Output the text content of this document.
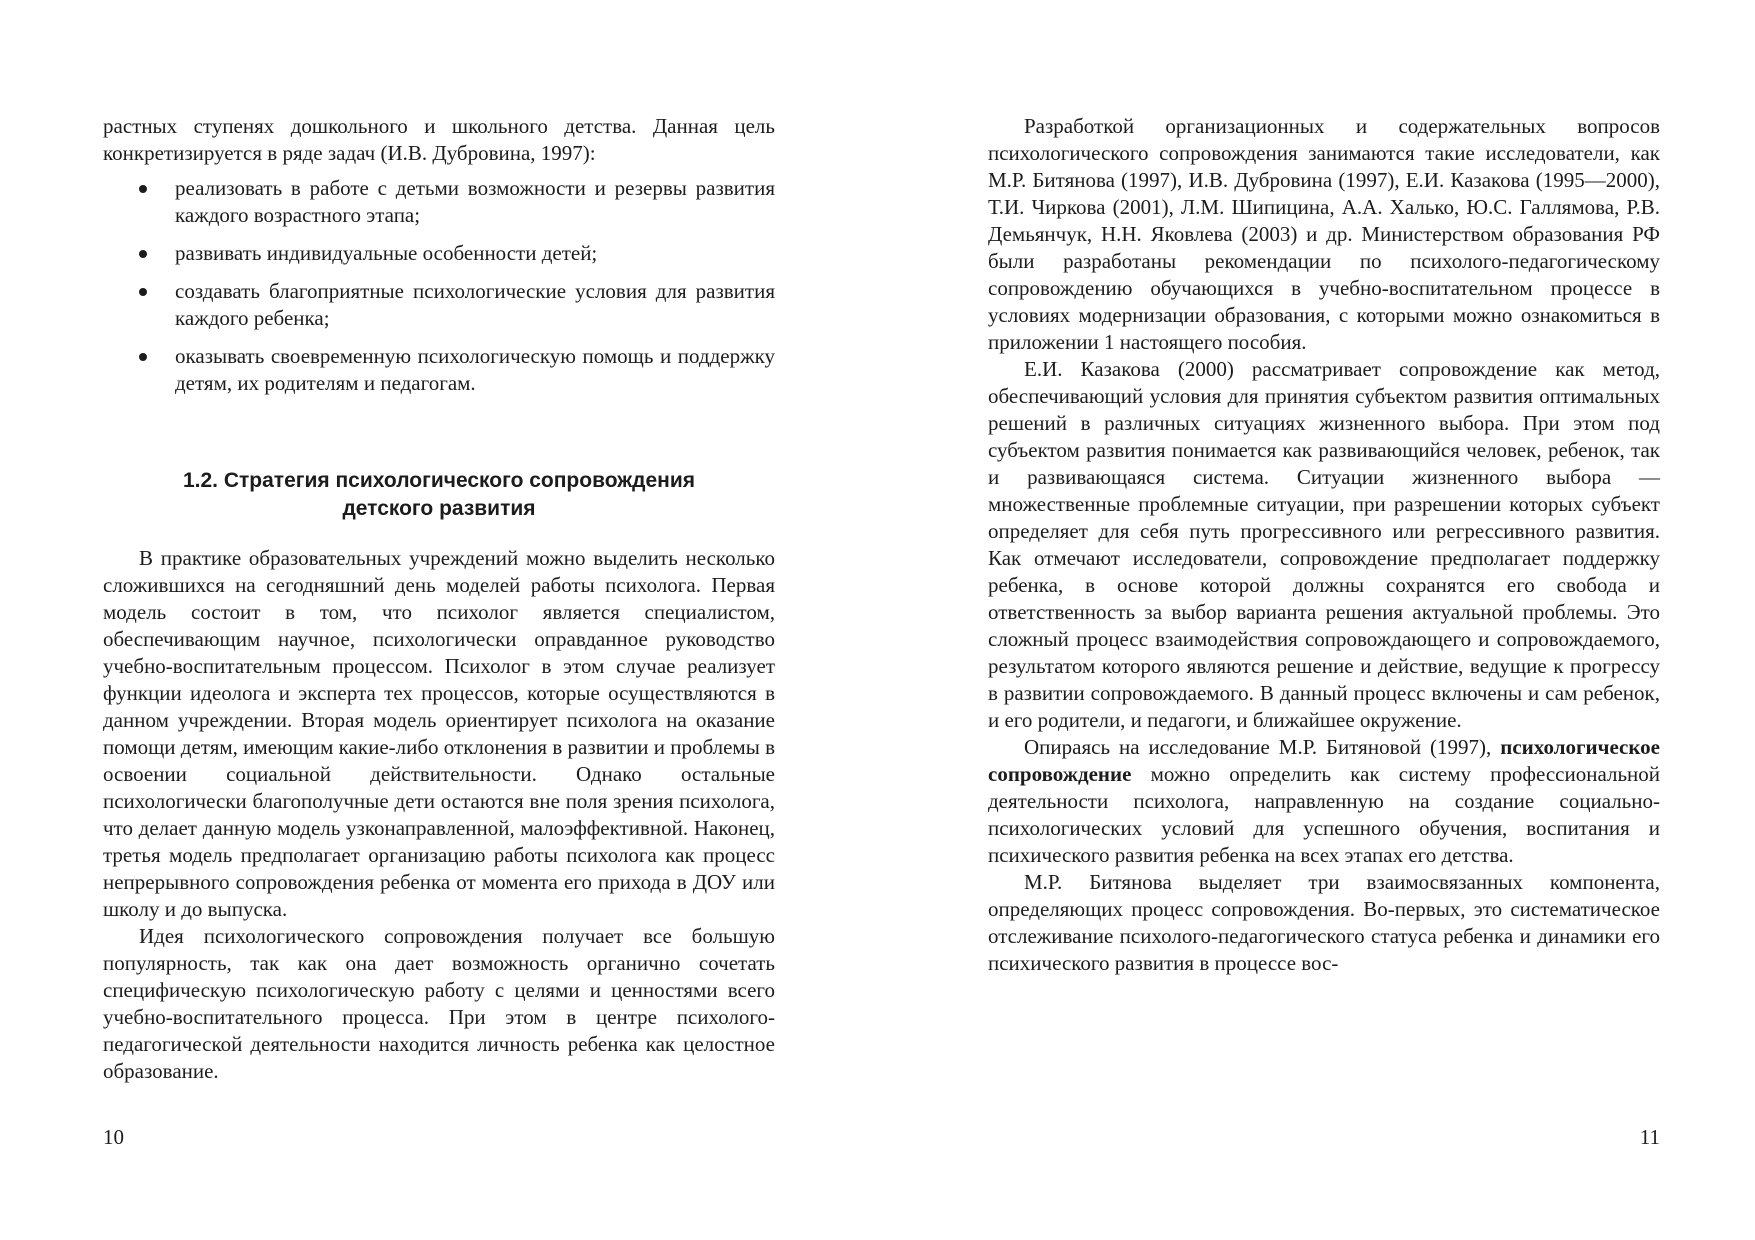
растных ступенях дошкольного и школьного детства. Данная цель конкретизируется в ряде задач (И.В. Дубровина, 1997):

реализовать в работе с детьми возможности и резервы развития каждого возрастного этапа;
развивать индивидуальные особенности детей;
создавать благоприятные психологические условия для развития каждого ребенка;
оказывать своевременную психологическую помощь и поддержку детям, их родителям и педагогам.
1.2. Стратегия психологического сопровождения
детского развития

В практике образовательных учреждений можно выделить несколько сложившихся на сегодняшний день моделей работы психолога. Первая модель состоит в том, что психолог является специалистом, обеспечивающим научное, психологически оправданное руководство учебно-воспитательным процессом. Психолог в этом случае реализует функции идеолога и эксперта тех процессов, которые осуществляются в данном учреждении. Вторая модель ориентирует психолога на оказание помощи детям, имеющим какие-либо отклонения в развитии и проблемы в освоении социальной действительности. Однако остальные психологически благополучные дети остаются вне поля зрения психолога, что делает данную модель узконаправленной, малоэффективной. Наконец, третья модель предполагает организацию работы психолога как процесс непрерывного сопровождения ребенка от момента его прихода в ДОУ или школу и до выпуска.

Идея психологического сопровождения получает все большую популярность, так как она дает возможность органично сочетать специфическую психологическую работу с целями и ценностями всего учебно-воспитательного процесса. При этом в центре психолого-педагогической деятельности находится личность ребенка как целостное образование.

10

Разработкой организационных и содержательных вопросов психологического сопровождения занимаются такие исследователи, как М.Р. Битянова (1997), И.В. Дубровина (1997), Е.И. Казакова (1995—2000), Т.И. Чиркова (2001), Л.М. Шипицина, А.А. Халько, Ю.С. Галлямова, Р.В. Демьянчук, Н.Н. Яковлева (2003) и др. Министерством образования РФ были разработаны рекомендации по психолого-педагогическому сопровождению обучающихся в учебно-воспитательном процессе в условиях модернизации образования, с которыми можно ознакомиться в приложении 1 настоящего пособия.

Е.И. Казакова (2000) рассматривает сопровождение как метод, обеспечивающий условия для принятия субъектом развития оптимальных решений в различных ситуациях жизненного выбора. При этом под субъектом развития понимается как развивающийся человек, ребенок, так и развивающаяся система. Ситуации жизненного выбора — множественные проблемные ситуации, при разрешении которых субъект определяет для себя путь прогрессивного или регрессивного развития. Как отмечают исследователи, сопровождение предполагает поддержку ребенка, в основе которой должны сохранятся его свобода и ответственность за выбор варианта решения актуальной проблемы. Это сложный процесс взаимодействия сопровождающего и сопровождаемого, результатом которого являются решение и действие, ведущие к прогрессу в развитии сопровождаемого. В данный процесс включены и сам ребенок, и его родители, и педагоги, и ближайшее окружение.

Опираясь на исследование М.Р. Битяновой (1997), психологическое сопровождение можно определить как систему профессиональной деятельности психолога, направленную на создание социально-психологических условий для успешного обучения, воспитания и психического развития ребенка на всех этапах его детства.

М.Р. Битянова выделяет три взаимосвязанных компонента, определяющих процесс сопровождения. Во-первых, это систематическое отслеживание психолого-педагогического статуса ребенка и динамики его психического развития в процессе вос-

11
